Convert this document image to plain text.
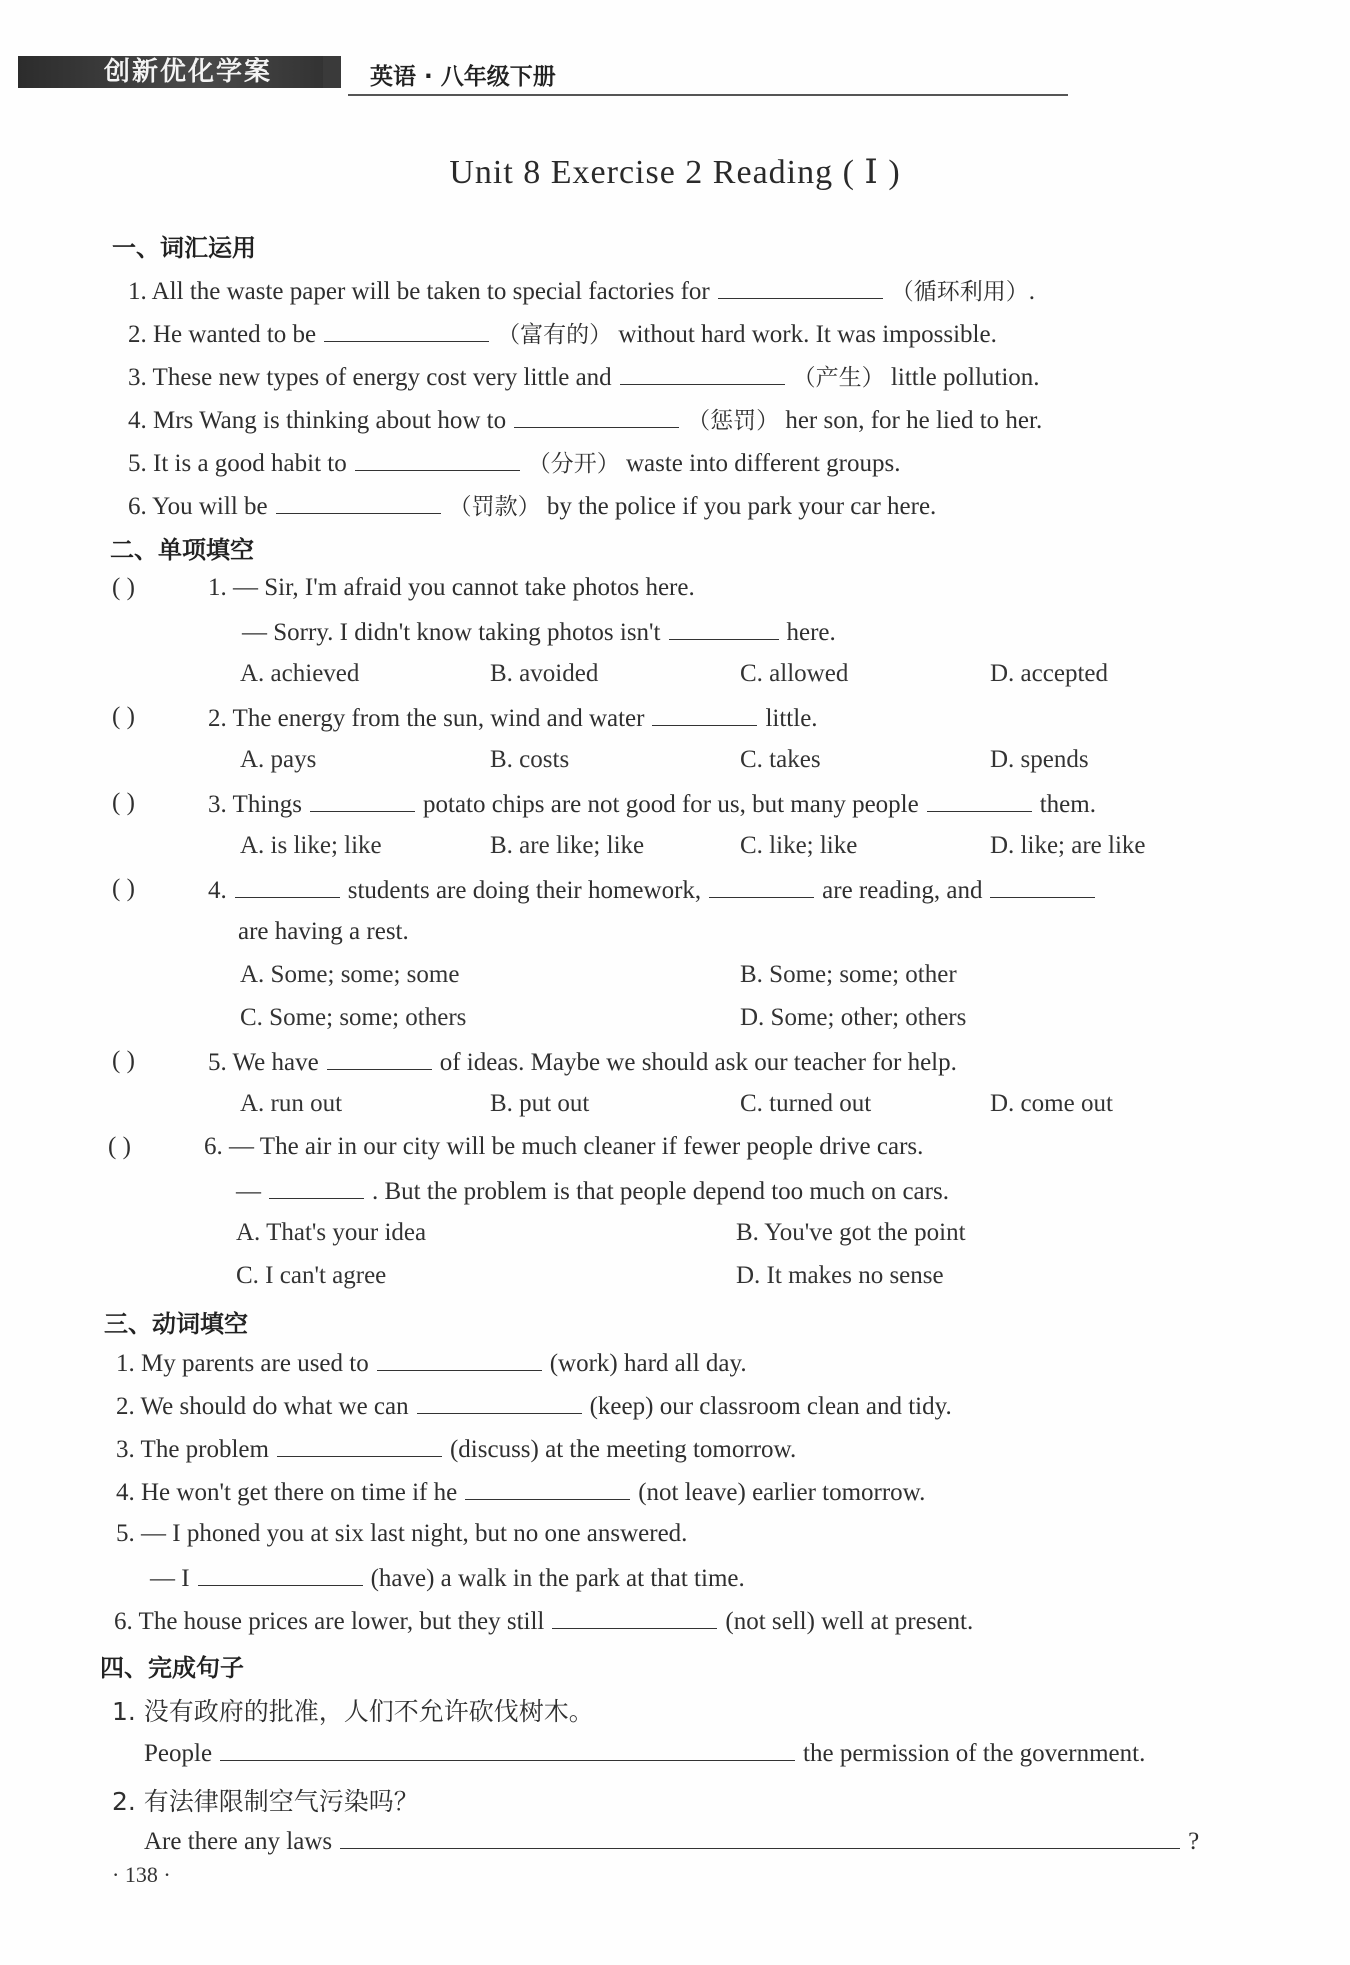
创新优化学案	英语 · 八年级下册
Unit 8 Exercise 2 Reading ( Ⅰ )
一、词汇运用
1. All the waste paper will be taken to special factories for	（循环利用）.
2. He wanted to be	（富有的） without hard work. It was impossible.
3. These new types of energy cost very little and	（产生） little pollution.
4. Mrs Wang is thinking about how to	（惩罚） her son, for he lied to her.
5. It is a good habit to	（分开） waste into different groups.
6. You will be	（罚款） by the police if you park your car here.
二、单项填空
( )	1. — Sir, I'm afraid you cannot take photos here.
— Sorry. I didn't know taking photos isn't	here.
A. achieved	B. avoided	C. allowed	D. accepted
( )	2. The energy from the sun, wind and water	little.
A. pays	B. costs	C. takes	D. spends
( )	3. Things	potato chips are not good for us, but many people	them.
A. is like; like	B. are like; like	C. like; like	D. like; are like
( )	4.	students are doing their homework,	are reading, and
are having a rest.
A. Some; some; some	B. Some; some; other
C. Some; some; others	D. Some; other; others
( )	5. We have	of ideas. Maybe we should ask our teacher for help.
A. run out	B. put out	C. turned out	D. come out
( )	6. — The air in our city will be much cleaner if fewer people drive cars.
—	. But the problem is that people depend too much on cars.
A. That's your idea	B. You've got the point
C. I can't agree	D. It makes no sense
三、动词填空
1. My parents are used to	(work) hard all day.
2. We should do what we can	(keep) our classroom clean and tidy.
3. The problem	(discuss) at the meeting tomorrow.
4. He won't get there on time if he	(not leave) earlier tomorrow.
5. — I phoned you at six last night, but no one answered.
— I	(have) a walk in the park at that time.
6. The house prices are lower, but they still	(not sell) well at present.
四、完成句子
1. 没有政府的批准，人们不允许砍伐树木。
People	the permission of the government.
2. 有法律限制空气污染吗？
Are there any laws	?
· 138 ·
